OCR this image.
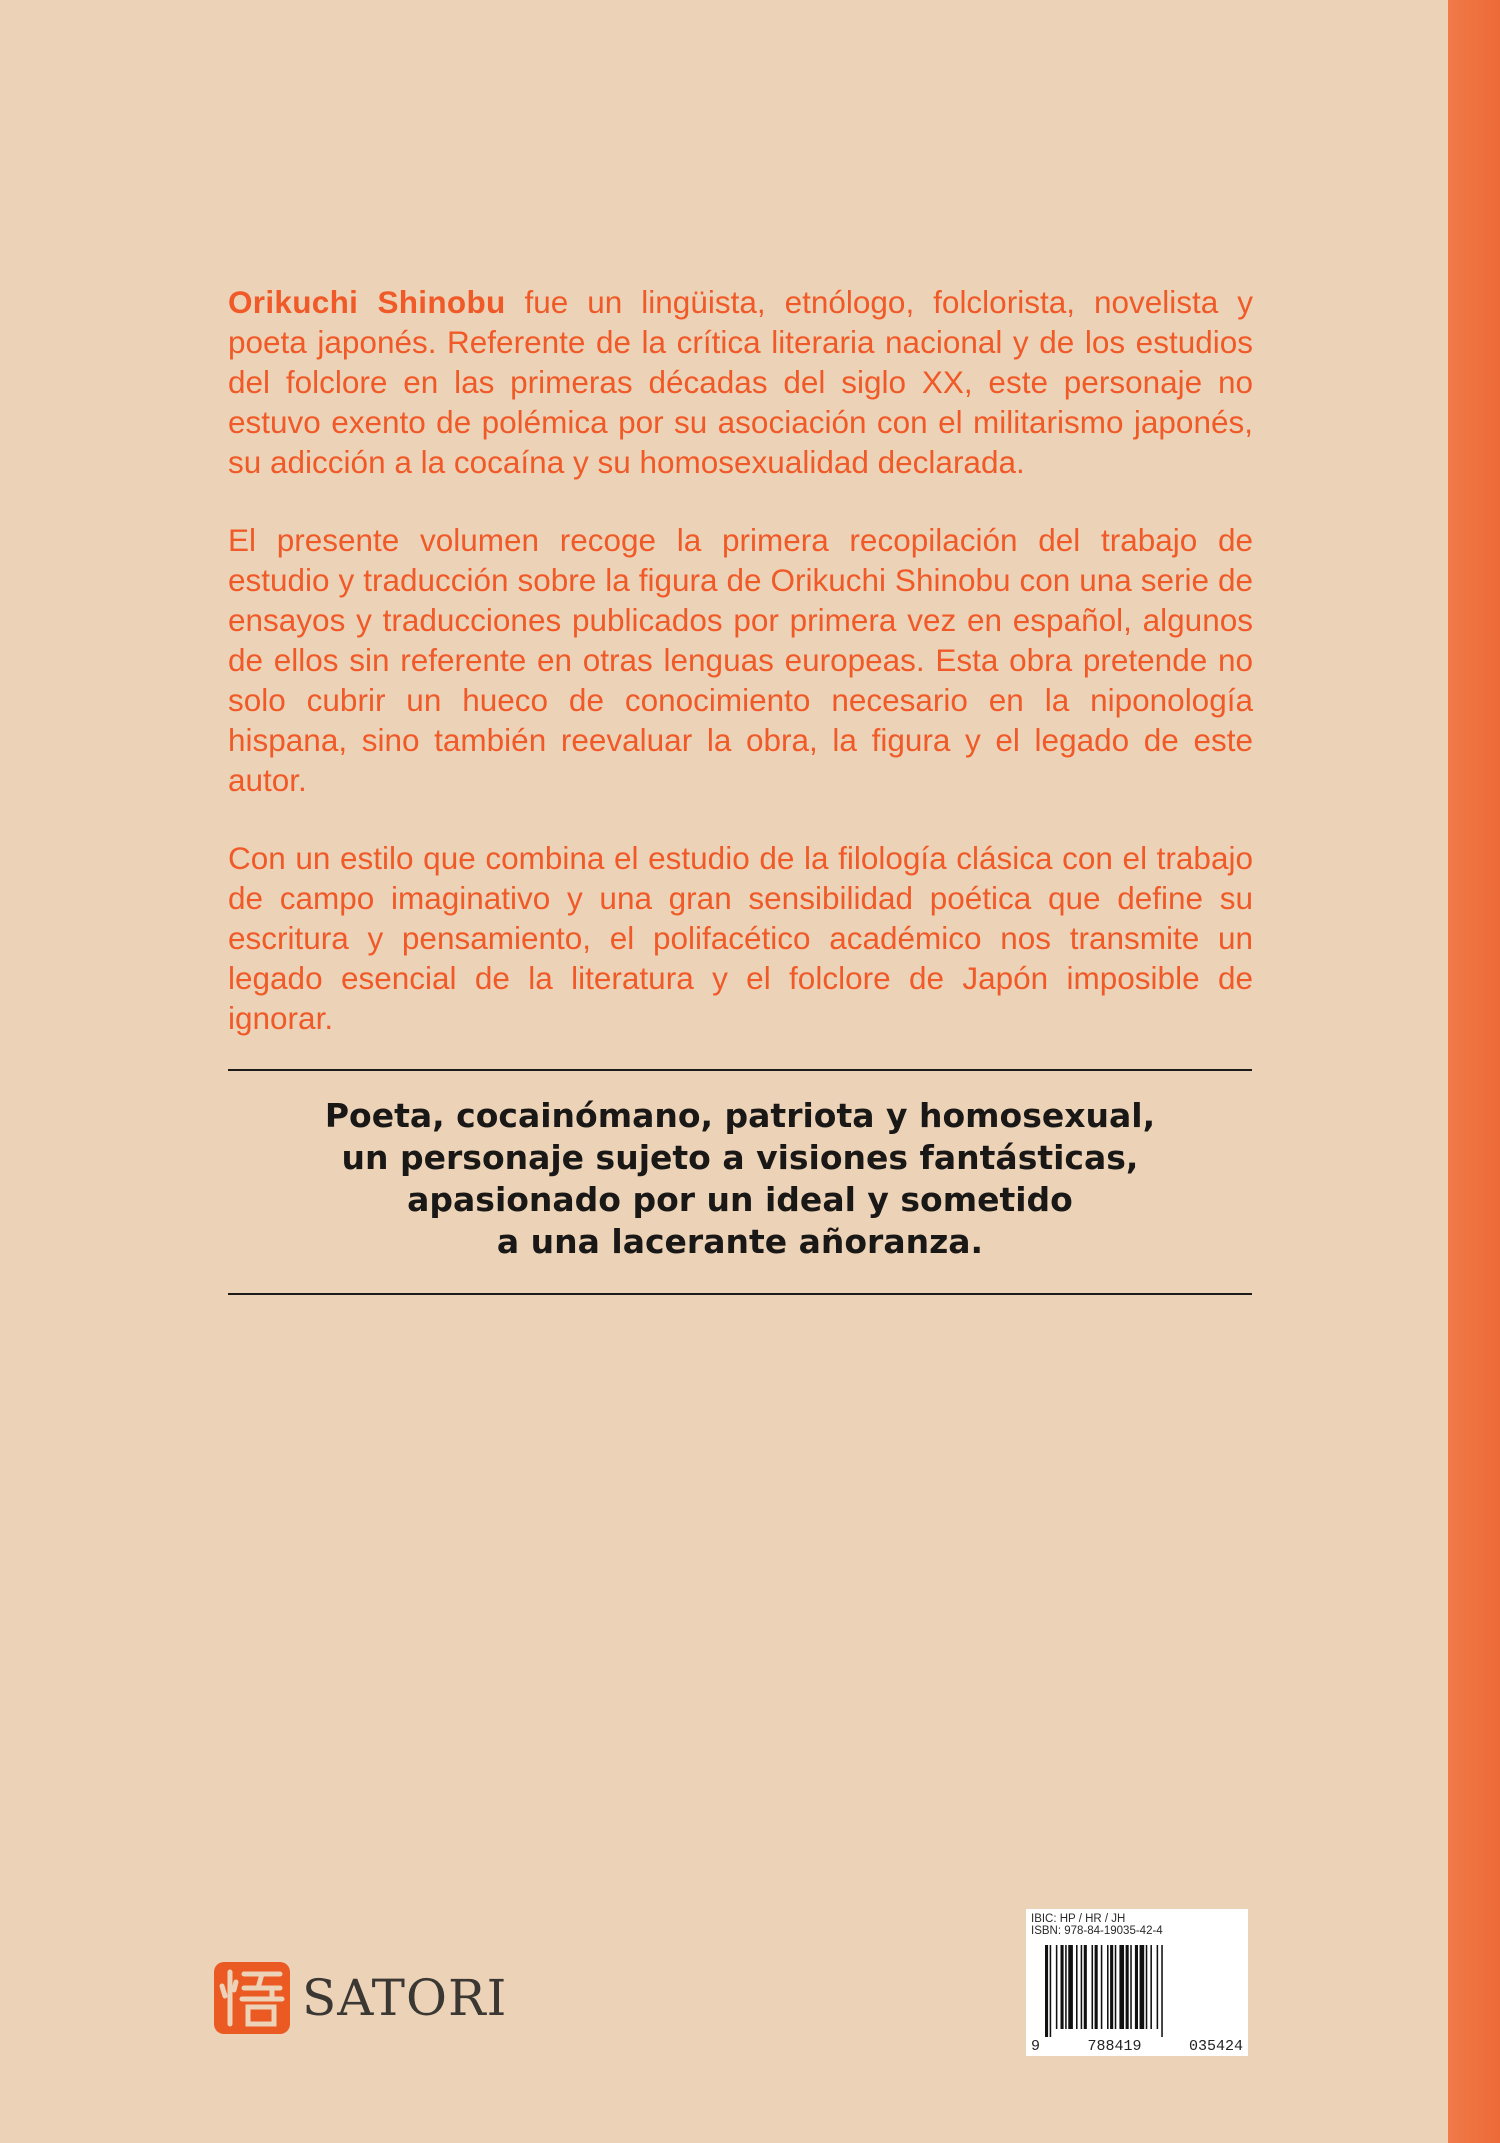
Orikuchi Shinobu fue un lingüista, etnólogo, folclorista, novelista y poeta japonés. Referente de la crítica literaria nacional y de los estudios del folclore en las primeras décadas del siglo XX, este personaje no estuvo exento de polémica por su asociación con el militarismo japonés, su adicción a la cocaína y su homosexualidad declarada.

El presente volumen recoge la primera recopilación del trabajo de estudio y traducción sobre la figura de Orikuchi Shinobu con una serie de ensayos y traducciones publicados por primera vez en español, algunos de ellos sin referente en otras lenguas europeas. Esta obra pretende no solo cubrir un hueco de conocimiento necesario en la niponología hispana, sino también reevaluar la obra, la figura y el legado de este autor.

Con un estilo que combina el estudio de la filología clásica con el trabajo de campo imaginativo y una gran sensibilidad poética que define su escritura y pensamiento, el polifacético académico nos transmite un legado esencial de la literatura y el folclore de Japón imposible de ignorar.

Poeta, cocainómano, patriota y homosexual,
un personaje sujeto a visiones fantásticas,
apasionado por un ideal y sometido
a una lacerante añoranza.
SATORI
IBIC: HP / HR / JH
ISBN: 978-84-19035-42-4
9	788419	035424
